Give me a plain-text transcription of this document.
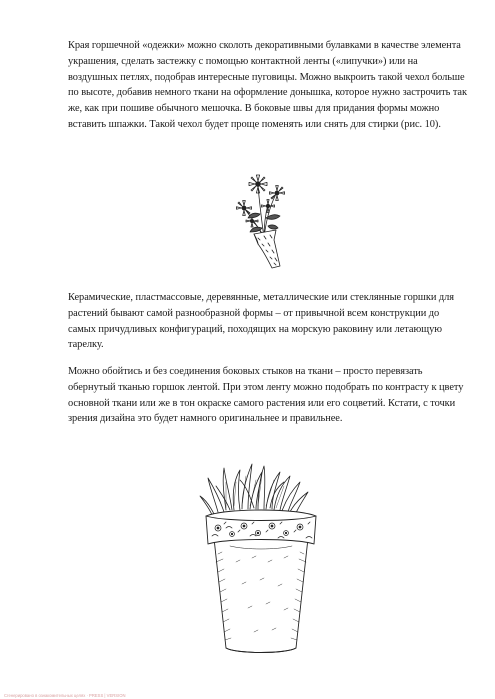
Края горшечной «одежки» можно сколоть декоративными булавками в качестве элемента украшения, сделать застежку с помощью контактной ленты («липучки») или на воздушных петлях, подобрав интересные пуговицы. Можно выкроить такой чехол больше по высоте, добавив немного ткани на оформление донышка, которое нужно застрочить так же, как при пошиве обычного мешочка. В боковые швы для придания формы можно вставить шпажки. Такой чехол будет проще поменять или снять для стирки (рис. 10).

Керамические, пластмассовые, деревянные, металлические или стеклянные горшки для растений бывают самой разнообразной формы – от привычной всем конструкции до самых причудливых конфигураций, походящих на морскую раковину или летающую тарелку.

Можно обойтись и без соединения боковых стыков на ткани – просто перевязать обернутый тканью горшок лентой. При этом ленту можно подобрать по контрасту к цвету основной ткани или же в тон окраске самого растения или его соцветий. Кстати, с точки зрения дизайна это будет намного оригинальнее и правильнее.

Сгенерировано в ознакомительных целях · PRESS | VERSION
